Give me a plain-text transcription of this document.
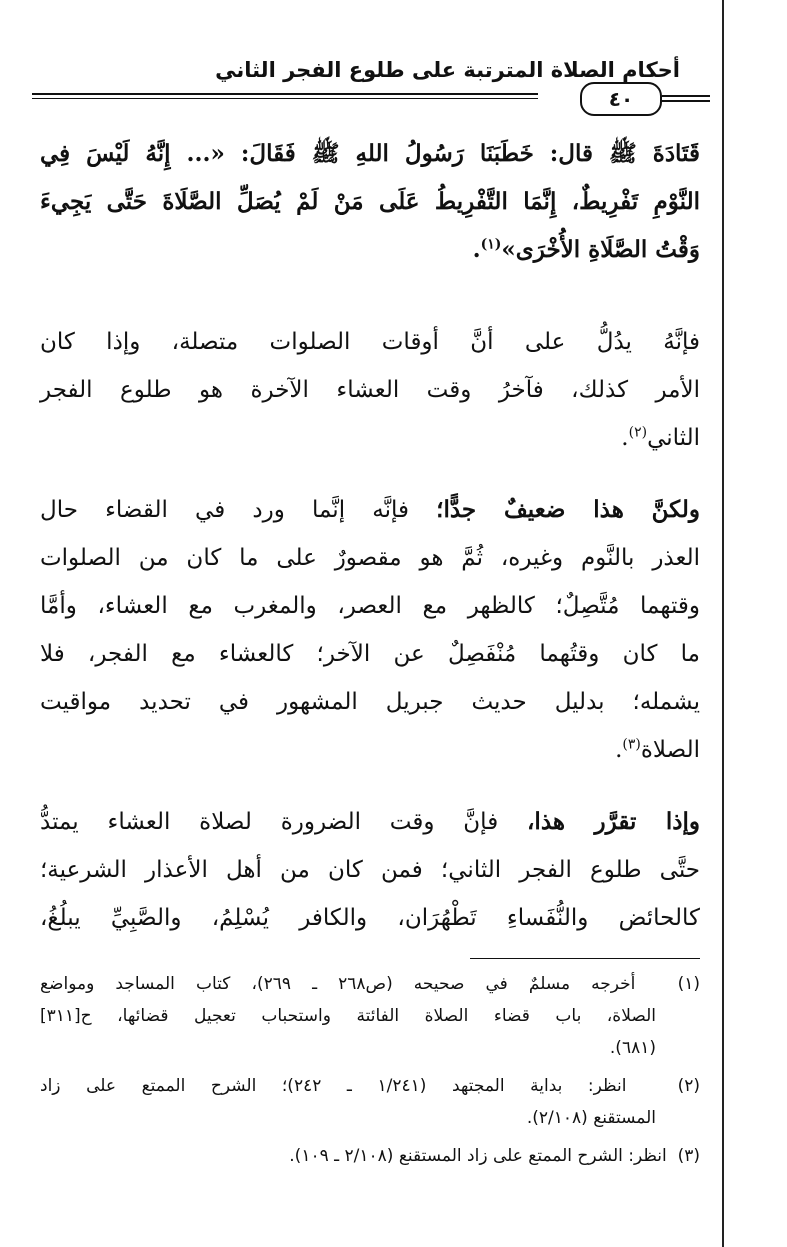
٤٠
أحكام الصلاة المترتبة على طلوع الفجر الثاني
قَتَادَةَ ﷺ قال: خَطَبَنَا رَسُولُ اللهِ ﷺ فَقَالَ: «... إِنَّهُ لَيْسَ فِي
النَّوْمِ تَفْرِيطٌ، إِنَّمَا التَّفْرِيطُ عَلَى مَنْ لَمْ يُصَلِّ الصَّلَاةَ حَتَّى يَجِيءَ
وَقْتُ الصَّلَاةِ الأُخْرَى»$^{(١)}$.
فإنَّهُ يدُلُّ على أنَّ أوقات الصلوات متصلة، وإذا كان
الأمر كذلك، فآخرُ وقت العشاء الآخرة هو طلوع الفجر
الثاني$^{(٢)}$.
ولكنَّ هذا ضعيفٌ جدًّا؛ فإنَّه إنَّما ورد في القضاء حال
العذر بالنَّوم وغيره، ثُمَّ هو مقصورٌ على ما كان من الصلوات
وقتهما مُتَّصِلٌ؛ كالظهر مع العصر، والمغرب مع العشاء، وأمَّا
ما كان وقتُهما مُنْفَصِلٌ عن الآخر؛ كالعشاء مع الفجر، فلا
يشمله؛ بدليل حديث جبريل المشهور في تحديد مواقيت
الصلاة$^{(٣)}$.
وإذا تقرَّر هذا، فإنَّ وقت الضرورة لصلاة العشاء يمتدُّ
حتَّى طلوع الفجر الثاني؛ فمن كان من أهل الأعذار الشرعية؛
كالحائض والنُّفَساءِ تَطْهُرَان، والكافر يُسْلِمُ، والصَّبِيِّ يبلُغُ،
(١)  أخرجه مسلمٌ في صحيحه (ص٢٦٨ ـ ٢٦٩)، كتاب المساجد ومواضع
الصلاة، باب قضاء الصلاة الفائتة واستحباب تعجيل قضائها، ح[٣١١]
(٦٨١).
(٢)  انظر: بداية المجتهد (١/٢٤١ ـ ٢٤٢)؛ الشرح الممتع على زاد
المستقنع (٢/١٠٨).
(٣)  انظر: الشرح الممتع على زاد المستقنع (٢/١٠٨ ـ ١٠٩).
